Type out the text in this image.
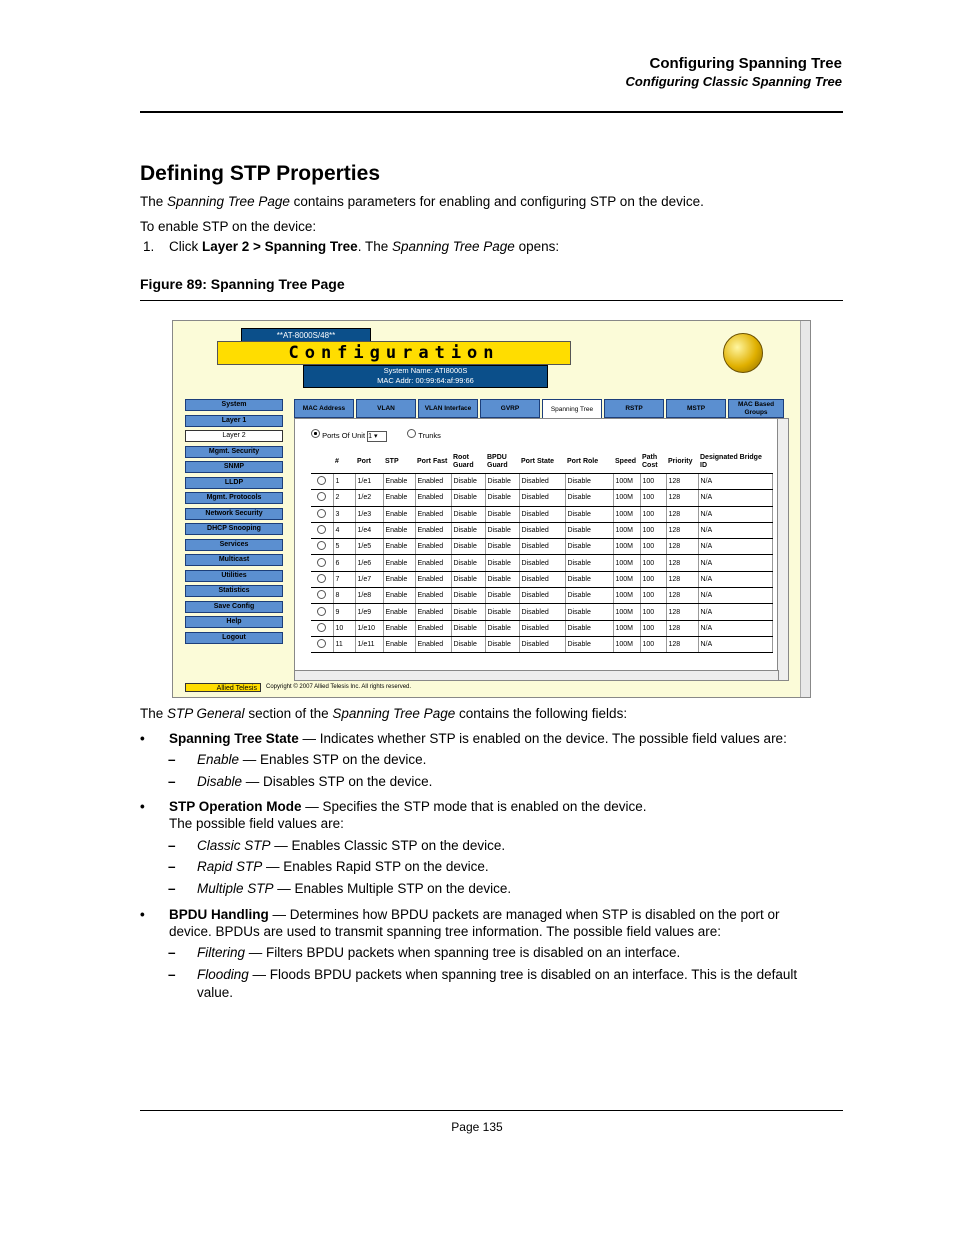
Configuring Spanning Tree
Configuring Classic Spanning Tree
Defining STP Properties
The Spanning Tree Page contains parameters for enabling and configuring STP on the device.
To enable STP on the device:
1. Click Layer 2 > Spanning Tree. The Spanning Tree Page opens:
Figure 89: Spanning Tree Page
**AT-8000S/48**
Configuration
System Name: ATI8000S
MAC Addr: 00:99:64:af:99:66
System
Layer 1
Layer 2
Mgmt. Security
SNMP
LLDP
Mgmt. Protocols
Network Security
DHCP Snooping
Services
Multicast
Utilities
Statistics
Save Config
Help
Logout
MAC Address	VLAN	VLAN Interface	GVRP	Spanning Tree	RSTP	MSTP
MAC Based Groups
Ports Of Unit 1 ▾	Trunks
	#	Port	STP	Port Fast	Root Guard	BPDU Guard	Port State	Port Role	Speed	Path Cost	Priority	Designated Bridge ID
	1	1/e1	Enable	Enabled	Disable	Disable	Disabled	Disable	100M	100	128	N/A
	2	1/e2	Enable	Enabled	Disable	Disable	Disabled	Disable	100M	100	128	N/A
	3	1/e3	Enable	Enabled	Disable	Disable	Disabled	Disable	100M	100	128	N/A
	4	1/e4	Enable	Enabled	Disable	Disable	Disabled	Disable	100M	100	128	N/A
	5	1/e5	Enable	Enabled	Disable	Disable	Disabled	Disable	100M	100	128	N/A
	6	1/e6	Enable	Enabled	Disable	Disable	Disabled	Disable	100M	100	128	N/A
	7	1/e7	Enable	Enabled	Disable	Disable	Disabled	Disable	100M	100	128	N/A
	8	1/e8	Enable	Enabled	Disable	Disable	Disabled	Disable	100M	100	128	N/A
	9	1/e9	Enable	Enabled	Disable	Disable	Disabled	Disable	100M	100	128	N/A
	10	1/e10	Enable	Enabled	Disable	Disable	Disabled	Disable	100M	100	128	N/A
	11	1/e11	Enable	Enabled	Disable	Disable	Disabled	Disable	100M	100	128	N/A
Allied Telesis	Copyright © 2007 Allied Telesis Inc. All rights reserved.
The STP General section of the Spanning Tree Page contains the following fields:
• Spanning Tree State — Indicates whether STP is enabled on the device. The possible field values are:
– Enable — Enables STP on the device.
– Disable — Disables STP on the device.
• STP Operation Mode — Specifies the STP mode that is enabled on the device.
The possible field values are:
– Classic STP — Enables Classic STP on the device.
– Rapid STP — Enables Rapid STP on the device.
– Multiple STP — Enables Multiple STP on the device.
• BPDU Handling — Determines how BPDU packets are managed when STP is disabled on the port or
device. BPDUs are used to transmit spanning tree information. The possible field values are:
– Filtering — Filters BPDU packets when spanning tree is disabled on an interface.
– Flooding — Floods BPDU packets when spanning tree is disabled on an interface. This is the default
value.
Page 135
